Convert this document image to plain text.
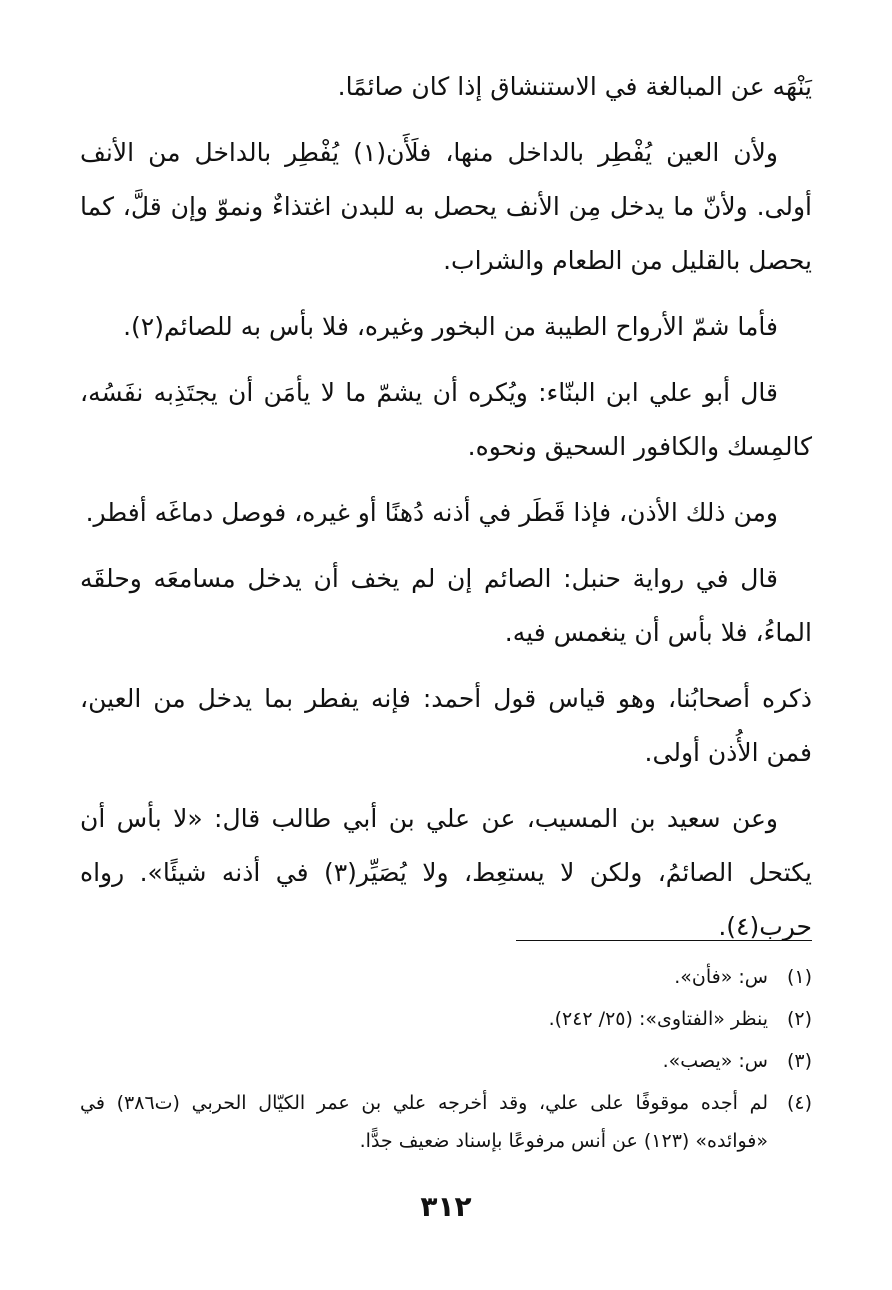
يَنْهَه عن المبالغة في الاستنشاق إذا كان صائمًا.

ولأن العين يُفْطِر بالداخل منها، فلَأَن(١) يُفْطِر بالداخل من الأنف أولى. ولأنّ ما يدخل مِن الأنف يحصل به للبدن اغتذاءٌ ونموّ وإن قلَّ، كما يحصل بالقليل من الطعام والشراب.

فأما شمّ الأرواح الطيبة من البخور وغيره، فلا بأس به للصائم(٢).

قال أبو علي ابن البنّاء: ويُكره أن يشمّ ما لا يأمَن أن يجتَذِبه نفَسُه، كالمِسك والكافور السحيق ونحوه.

ومن ذلك الأذن، فإذا قَطَر في أذنه دُهنًا أو غيره، فوصل دماغَه أفطر.

قال في رواية حنبل: الصائم إن لم يخف أن يدخل مسامعَه وحلقَه الماءُ، فلا بأس أن ينغمس فيه.

ذكره أصحابُنا، وهو قياس قول أحمد: فإنه يفطر بما يدخل من العين، فمن الأُذن أولى.

وعن سعيد بن المسيب، عن علي بن أبي طالب قال: «لا بأس أن يكتحل الصائمُ، ولكن لا يستعِط، ولا يُصَيِّر(٣) في أذنه شيئًا». رواه حرب(٤).

(١)
س: «فأن».
(٢)
ينظر «الفتاوى»: (٢٥/ ٢٤٢).
(٣)
س: «يصب».
(٤)
لم أجده موقوفًا على علي، وقد أخرجه علي بن عمر الكيّال الحربي (ت٣٨٦) في «فوائده» (١٢٣) عن أنس مرفوعًا بإسناد ضعيف جدًّا.
٣١٢
